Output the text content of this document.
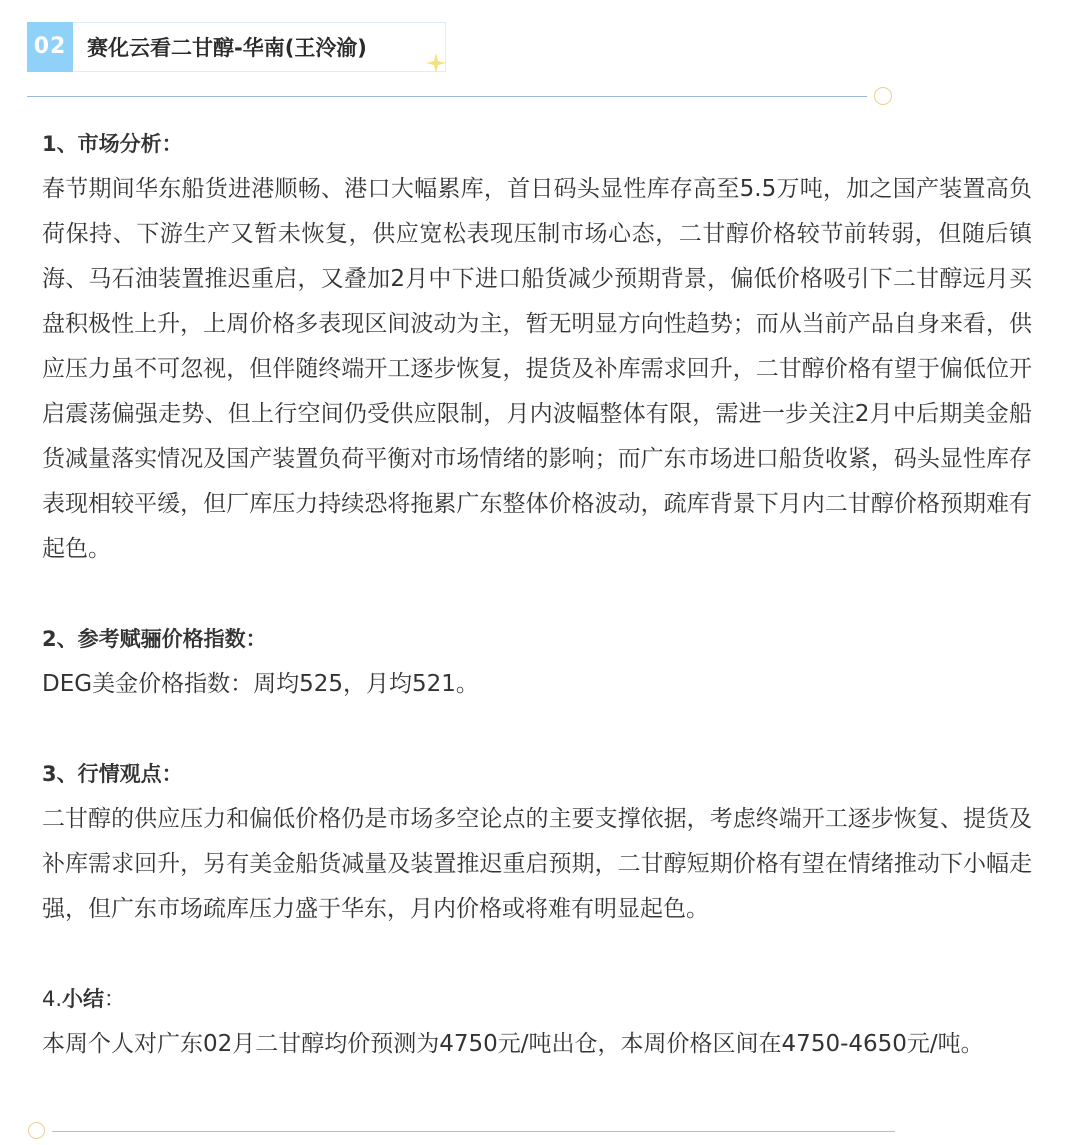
02 赛化云看二甘醇-华南(王泠渝)
1、市场分析：

春节期间华东船货进港顺畅、港口大幅累库，首日码头显性库存高至5.5万吨，加之国产装置高负荷保持、下游生产又暂未恢复，供应宽松表现压制市场心态，二甘醇价格较节前转弱，但随后镇海、马石油装置推迟重启，又叠加2月中下进口船货减少预期背景，偏低价格吸引下二甘醇远月买盘积极性上升，上周价格多表现区间波动为主，暂无明显方向性趋势；而从当前产品自身来看，供应压力虽不可忽视，但伴随终端开工逐步恢复，提货及补库需求回升，二甘醇价格有望于偏低位开启震荡偏强走势、但上行空间仍受供应限制，月内波幅整体有限，需进一步关注2月中后期美金船货减量落实情况及国产装置负荷平衡对市场情绪的影响；而广东市场进口船货收紧，码头显性库存表现相较平缓，但厂库压力持续恐将拖累广东整体价格波动，疏库背景下月内二甘醇价格预期难有起色。

2、参考赋骊价格指数：

DEG美金价格指数：周均525，月均521。

3、行情观点：

二甘醇的供应压力和偏低价格仍是市场多空论点的主要支撑依据，考虑终端开工逐步恢复、提货及补库需求回升，另有美金船货减量及装置推迟重启预期，二甘醇短期价格有望在情绪推动下小幅走强，但广东市场疏库压力盛于华东，月内价格或将难有明显起色。

4.小结：

本周个人对广东02月二甘醇均价预测为4750元/吨出仓，本周价格区间在4750-4650元/吨。
